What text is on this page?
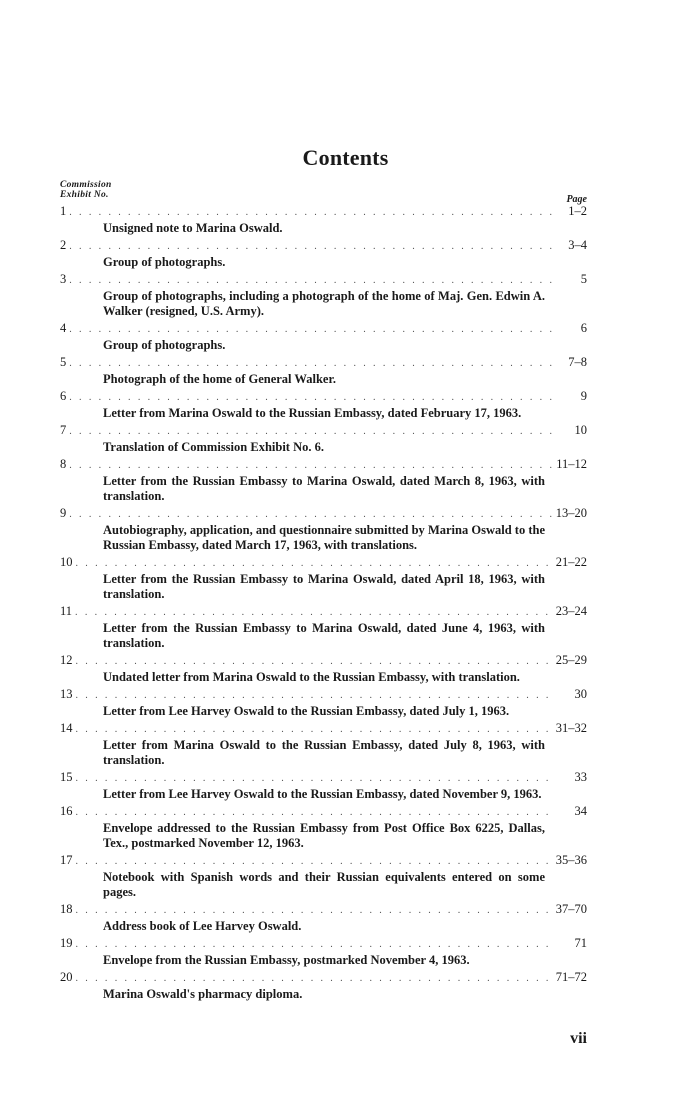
Contents
Commission
Exhibit No.	Page
1 . . .	1–2
Unsigned note to Marina Oswald.
2 . . .	3–4
Group of photographs.
3 . . .	5
Group of photographs, including a photograph of the home of Maj. Gen. Edwin A. Walker (resigned, U.S. Army).
4 . . .	6
Group of photographs.
5 . . .	7–8
Photograph of the home of General Walker.
6 . . .	9
Letter from Marina Oswald to the Russian Embassy, dated February 17, 1963.
7 . . .	10
Translation of Commission Exhibit No. 6.
8 . . .	11–12
Letter from the Russian Embassy to Marina Oswald, dated March 8, 1963, with translation.
9 . . .	13–20
Autobiography, application, and questionnaire submitted by Marina Oswald to the Russian Embassy, dated March 17, 1963, with translations.
10 . . .	21–22
Letter from the Russian Embassy to Marina Oswald, dated April 18, 1963, with translation.
11 . . .	23–24
Letter from the Russian Embassy to Marina Oswald, dated June 4, 1963, with translation.
12 . . .	25–29
Undated letter from Marina Oswald to the Russian Embassy, with translation.
13 . . .	30
Letter from Lee Harvey Oswald to the Russian Embassy, dated July 1, 1963.
14 . . .	31–32
Letter from Marina Oswald to the Russian Embassy, dated July 8, 1963, with translation.
15 . . .	33
Letter from Lee Harvey Oswald to the Russian Embassy, dated November 9, 1963.
16 . . .	34
Envelope addressed to the Russian Embassy from Post Office Box 6225, Dallas, Tex., postmarked November 12, 1963.
17 . . .	35–36
Notebook with Spanish words and their Russian equivalents entered on some pages.
18 . . .	37–70
Address book of Lee Harvey Oswald.
19 . . .	71
Envelope from the Russian Embassy, postmarked November 4, 1963.
20 . . .	71–72
Marina Oswald's pharmacy diploma.
vii
